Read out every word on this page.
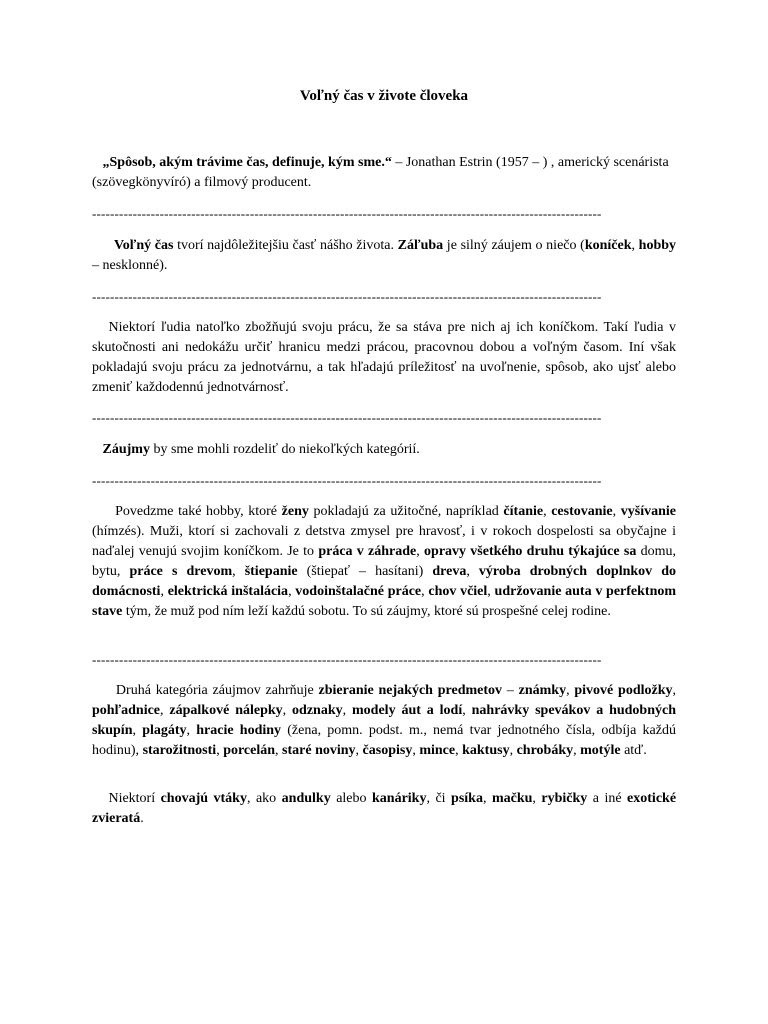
Voľný čas v živote človeka
„Spôsob, akým trávime čas, definuje, kým sme.“ – Jonathan Estrin (1957 – ) , americký scenárista (szövegkönyvíró) a filmový producent.
-----------------------------------------------------------------------------------------------------------------
Voľný čas tvorí najdôležitejšiu časť nášho života. Záľuba je silný záujem o niečo (koníček, hobby – nesklonné).
-----------------------------------------------------------------------------------------------------------------
Niektorí ľudia natoľko zbožňujú svoju prácu, že sa stáva pre nich aj ich koníčkom. Takí ľudia v skutočnosti ani nedokážu určiť hranicu medzi prácou, pracovnou dobou a voľným časom. Iní však pokladajú svoju prácu za jednotvárnu, a tak hľadajú príležitosť na uvoľnenie, spôsob, ako ujsť alebo zmeniť každodennú jednotvárnosť.
-----------------------------------------------------------------------------------------------------------------
Záujmy by sme mohli rozdeliť do niekoľkých kategórií.
-----------------------------------------------------------------------------------------------------------------
Povedzme také hobby, ktoré ženy pokladajú za užitočné, napríklad čítanie, cestovanie, vyšívanie (hímzés). Muži, ktorí si zachovali z detstva zmysel pre hravosť, i v rokoch dospelosti sa obyčajne i naďalej venujú svojim koníčkom. Je to práca v záhrade, opravy všetkého druhu týkajúce sa domu, bytu, práce s drevom, štiepanie (štiepať – hasítani) dreva, výroba drobných doplnkov do domácnosti, elektrická inštalácia, vodoinštalačné práce, chov včiel, udržovanie auta v perfektnom stave tým, že muž pod ním leží každú sobotu. To sú záujmy, ktoré sú prospešné celej rodine.
-----------------------------------------------------------------------------------------------------------------
Druhá kategória záujmov zahrňuje zbieranie nejakých predmetov – známky, pivové podložky, pohľadnice, zápalkové nálepky, odznaky, modely áut a lodí, nahrávky spevákov a hudobných skupín, plagáty, hracie hodiny (žena, pomn. podst. m., nemá tvar jednotného čísla, odbíja každú hodinu), starožitnosti, porcelán, staré noviny, časopisy, mince, kaktusy, chrobáky, motýle atď.
Niektorí chovajú vtáky, ako andulky alebo kanáriky, či psíka, mačku, rybičky a iné exotické zvieratá.
